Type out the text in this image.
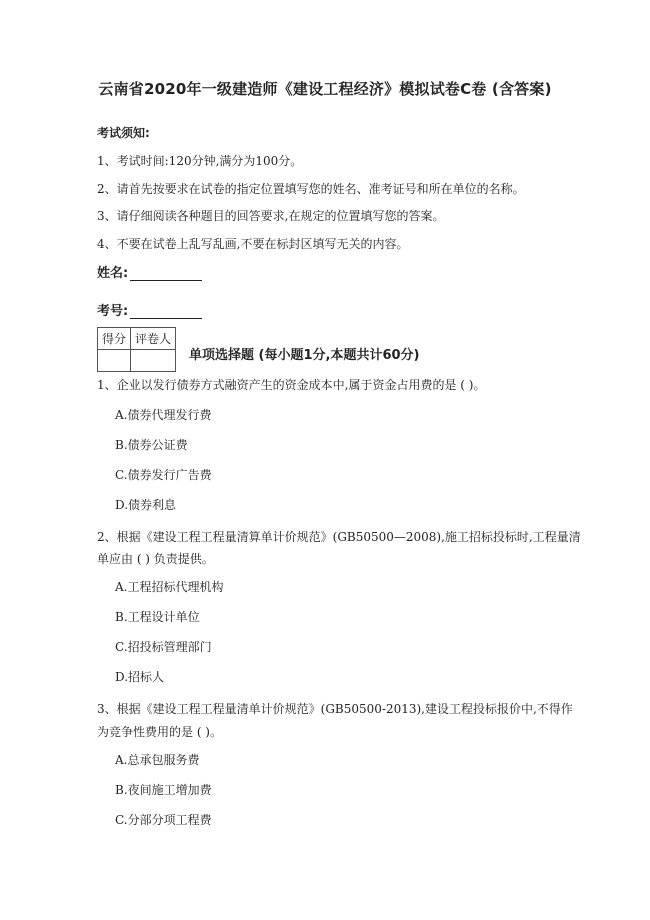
云南省2020年一级建造师《建设工程经济》模拟试卷C卷 (含答案)
考试须知:
1、考试时间:120分钟,满分为100分。
2、请首先按要求在试卷的指定位置填写您的姓名、准考证号和所在单位的名称。
3、请仔细阅读各种题目的回答要求,在规定的位置填写您的答案。
4、不要在试卷上乱写乱画,不要在标封区填写无关的内容。
姓名:
考号:
得分	评卷人

单项选择题 (每小题1分,本题共计60分)
1、企业以发行债券方式融资产生的资金成本中,属于资金占用费的是 ( )。
A.债券代理发行费
B.债券公证费
C.债券发行广告费
D.债券利息
2、根据《建设工程工程量清算单计价规范》(GB50500—2008),施工招标投标时,工程量清
单应由 ( ) 负责提供。
A.工程招标代理机构
B.工程设计单位
C.招投标管理部门
D.招标人
3、根据《建设工程工程量清单计价规范》(GB50500-2013),建设工程投标报价中,不得作
为竞争性费用的是 ( )。
A.总承包服务费
B.夜间施工增加费
C.分部分项工程费
